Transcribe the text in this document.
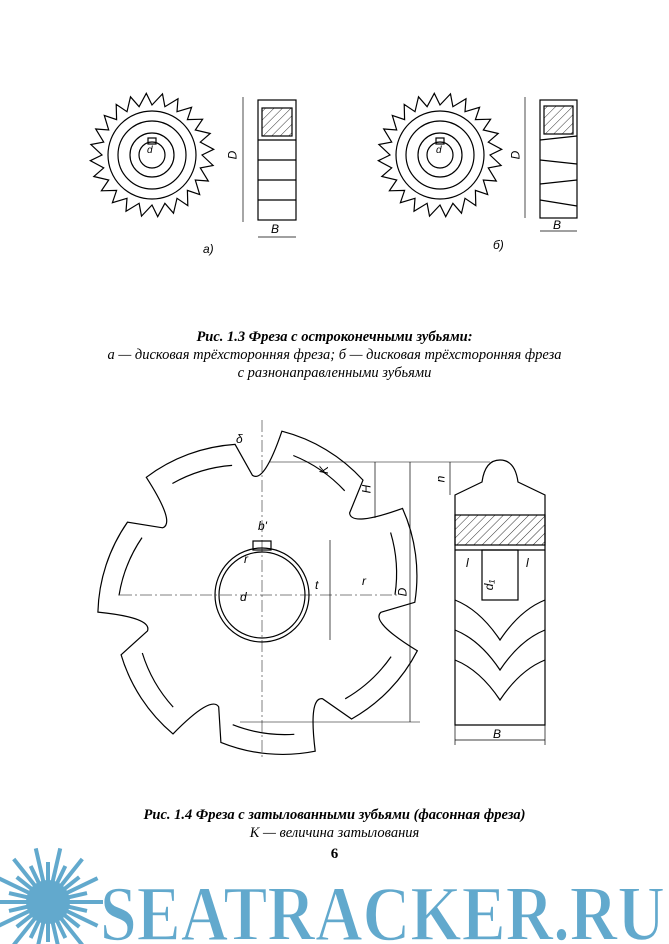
D
B
d
а)
D
B
d
б)
Рис. 1.3 Фреза с остроконечными зубьями:
а — дисковая трёхсторонняя фреза; б — дисковая трёхсторонняя фреза
с разнонаправленными зубьями
δ
K
H
D
b'
r
r
d
t
n
l	l
d₁
B
Рис. 1.4 Фреза с затылованными зубьями (фасонная фреза)
К — величина затылования
SEATRACKER.RU
6
